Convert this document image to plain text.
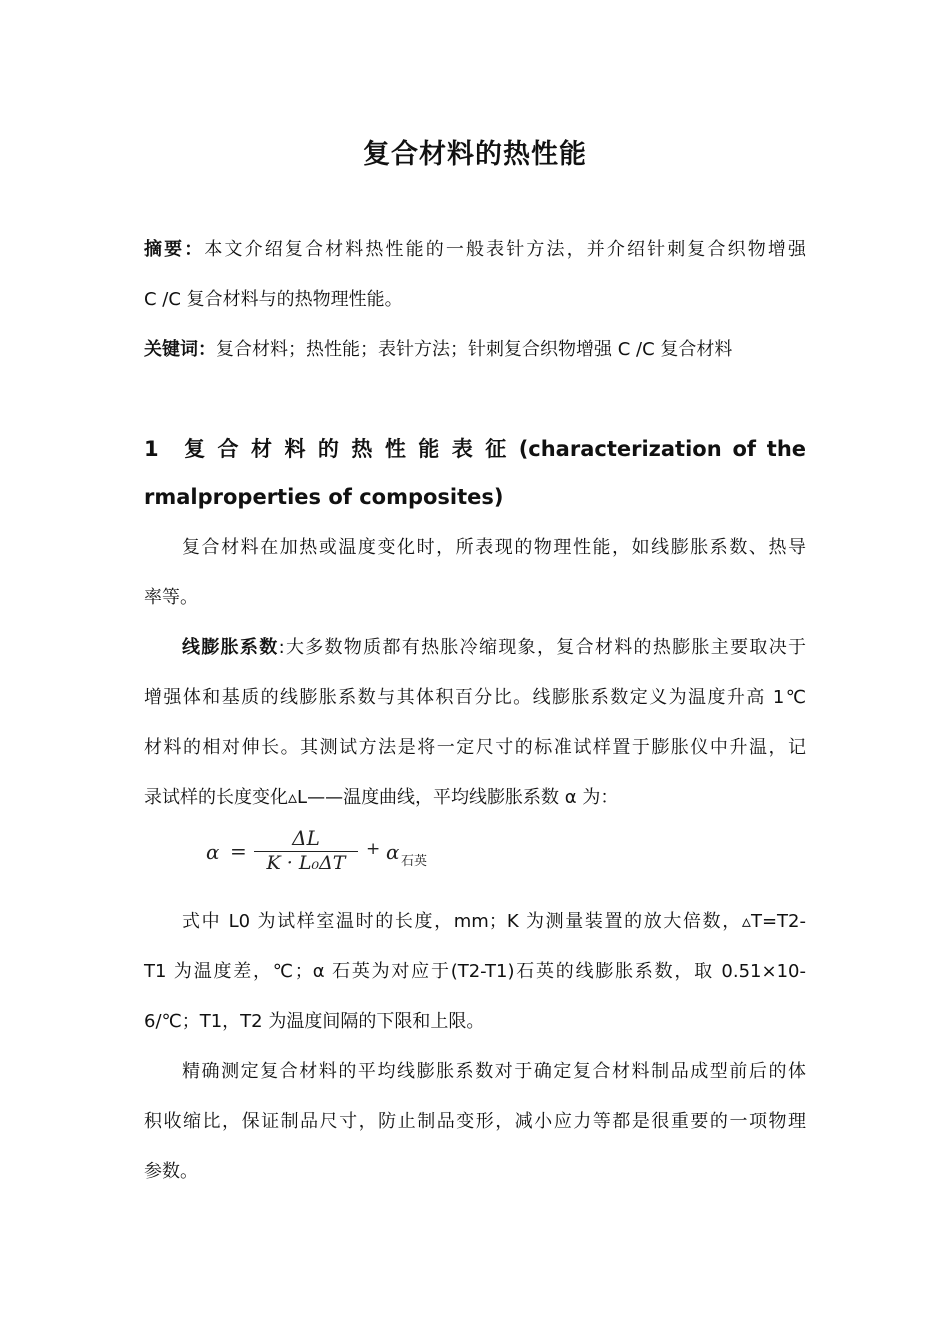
复合材料的热性能
摘要：本文介绍复合材料热性能的一般表针方法，并介绍针刺复合织物增强
C /C 复合材料与的热物理性能。
关键词：复合材料；热性能；表针方法；针刺复合织物增强 C /C 复合材料
1 复合材料的热性能表征(characterization of the
rmalproperties of composites)
复合材料在加热或温度变化时，所表现的物理性能，如线膨胀系数、热导
率等。
线膨胀系数:大多数物质都有热胀冷缩现象，复合材料的热膨胀主要取决于
增强体和基质的线膨胀系数与其体积百分比。线膨胀系数定义为温度升高 1℃
材料的相对伸长。其测试方法是将一定尺寸的标准试样置于膨胀仪中升温，记
录试样的长度变化▵L——温度曲线，平均线膨胀系数 α 为：
α =
ΔL
K · L₀ΔT
+ α 石英
式中 L0 为试样室温时的长度，mm；K 为测量装置的放大倍数，▵T=T2-
T1 为温度差，℃；α 石英为对应于(T2-T1)石英的线膨胀系数，取 0.51×10-
6/℃；T1，T2 为温度间隔的下限和上限。
精确测定复合材料的平均线膨胀系数对于确定复合材料制品成型前后的体
积收缩比，保证制品尺寸，防止制品变形，减小应力等都是很重要的一项物理
参数。
